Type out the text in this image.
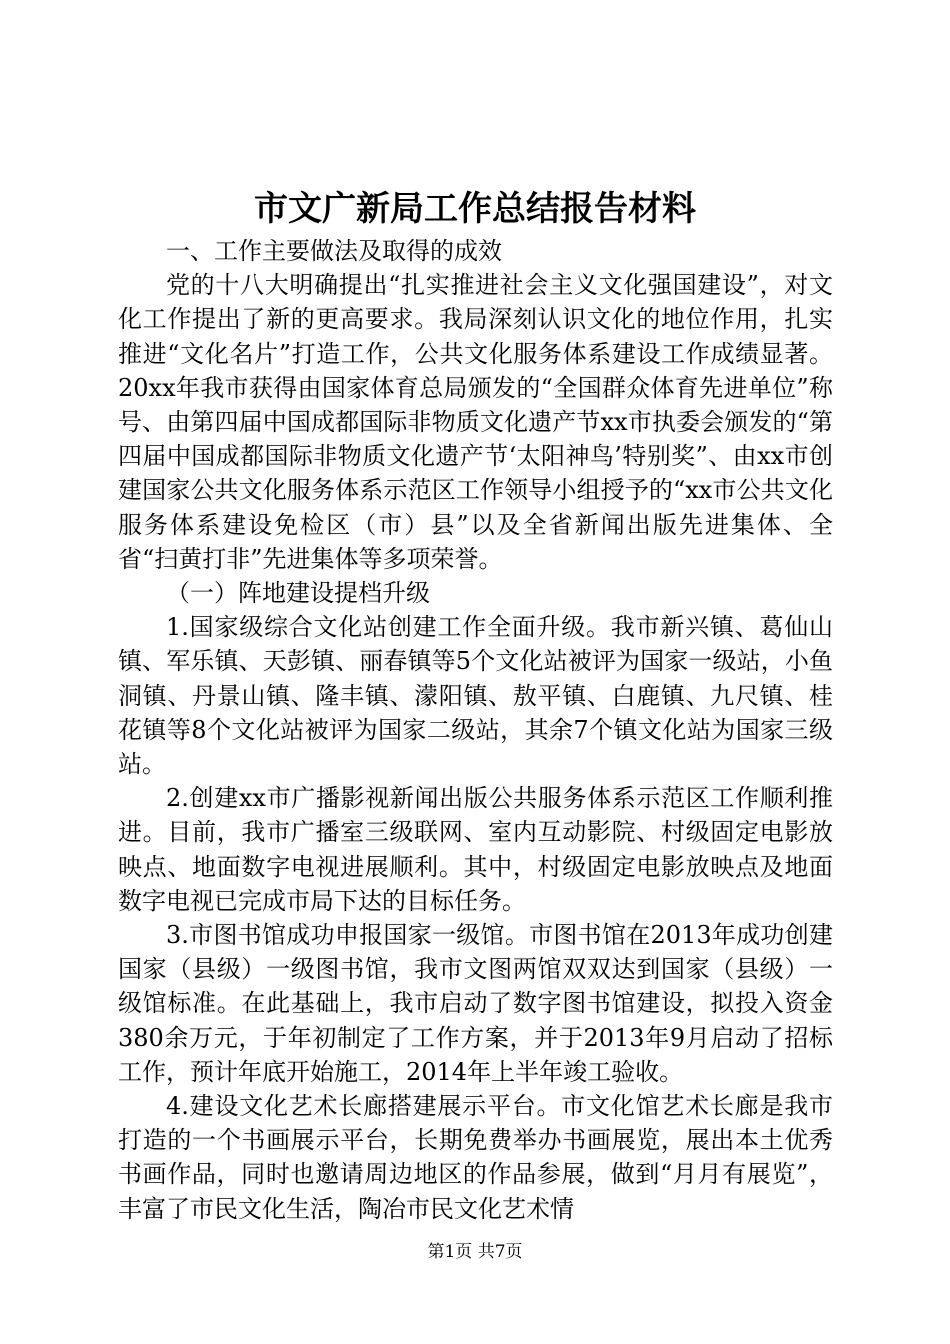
市文广新局工作总结报告材料

一、工作主要做法及取得的成效

党的十八大明确提出“扎实推进社会主义文化强国建设”，对文化工作提出了新的更高要求。我局深刻认识文化的地位作用，扎实推进“文化名片”打造工作，公共文化服务体系建设工作成绩显著。20xx年我市获得由国家体育总局颁发的“全国群众体育先进单位”称号、由第四届中国成都国际非物质文化遗产节xx市执委会颁发的“第四届中国成都国际非物质文化遗产节‘太阳神鸟’特别奖”、由xx市创建国家公共文化服务体系示范区工作领导小组授予的“xx市公共文化服务体系建设免检区（市）县”以及全省新闻出版先进集体、全省“扫黄打非”先进集体等多项荣誉。

（一）阵地建设提档升级

1.国家级综合文化站创建工作全面升级。我市新兴镇、葛仙山镇、军乐镇、天彭镇、丽春镇等5个文化站被评为国家一级站，小鱼洞镇、丹景山镇、隆丰镇、濛阳镇、敖平镇、白鹿镇、九尺镇、桂花镇等8个文化站被评为国家二级站，其余7个镇文化站为国家三级站。

2.创建xx市广播影视新闻出版公共服务体系示范区工作顺利推进。目前，我市广播室三级联网、室内互动影院、村级固定电影放映点、地面数字电视进展顺利。其中，村级固定电影放映点及地面数字电视已完成市局下达的目标任务。

3.市图书馆成功申报国家一级馆。市图书馆在2013年成功创建国家（县级）一级图书馆，我市文图两馆双双达到国家（县级）一级馆标准。在此基础上，我市启动了数字图书馆建设，拟投入资金380余万元，于年初制定了工作方案，并于2013年9月启动了招标工作，预计年底开始施工，2014年上半年竣工验收。

4.建设文化艺术长廊搭建展示平台。市文化馆艺术长廊是我市打造的一个书画展示平台，长期免费举办书画展览，展出本土优秀书画作品，同时也邀请周边地区的作品参展，做到“月月有展览”，丰富了市民文化生活，陶冶市民文化艺术情

第1页 共7页
